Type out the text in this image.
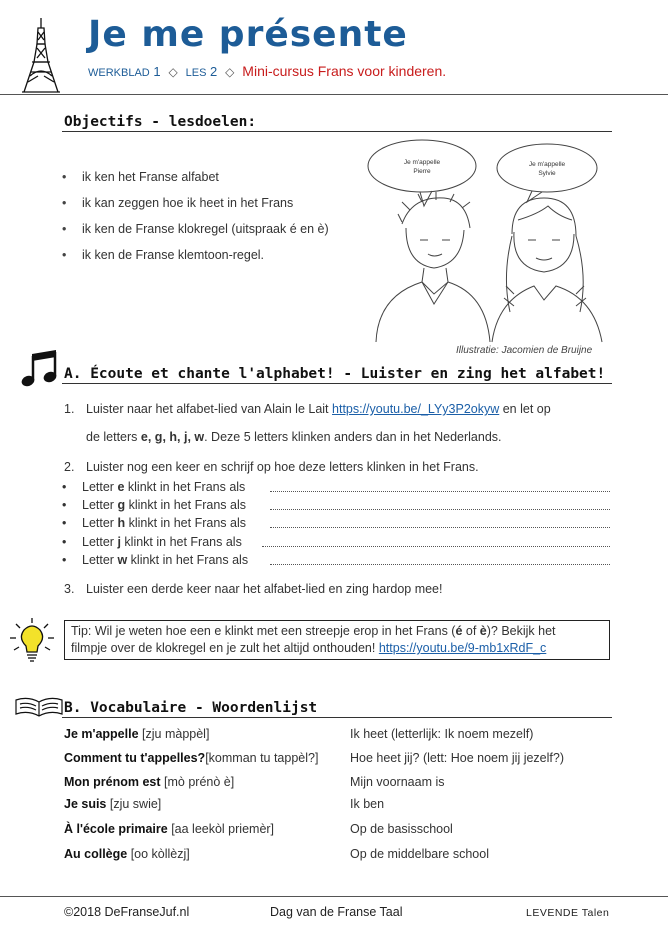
Je me présente
WERKBLAD 1 ◇ LES 2 ◇ Mini-cursus Frans voor kinderen.
Objectifs - lesdoelen:
• ik ken het Franse alfabet
• ik kan zeggen hoe ik heet in het Frans
• ik ken de Franse klokregel (uitspraak é en è)
• ik ken de Franse klemtoon-regel.
Je m'appelle
Pierre
Je m'appelle
Sylvie
Illustratie: Jacomien de Bruijne
A. Écoute et chante l'alphabet! - Luister en zing het alfabet!
1. Luister naar het alfabet-lied van Alain le Lait https://youtu.be/_LYy3P2okyw en let op
de letters e, g, h, j, w. Deze 5 letters klinken anders dan in het Nederlands.
2. Luister nog een keer en schrijf op hoe deze letters klinken in het Frans.
• Letter e klinkt in het Frans als
• Letter g klinkt in het Frans als
• Letter h klinkt in het Frans als
• Letter j klinkt in het Frans als
• Letter w klinkt in het Frans als
3. Luister een derde keer naar het alfabet-lied en zing hardop mee!
Tip: Wil je weten hoe een e klinkt met een streepje erop in het Frans (é of è)? Bekijk het
filmpje over de klokregel en je zult het altijd onthouden! https://youtu.be/9-mb1xRdF_c
B. Vocabulaire - Woordenlijst
Je m'appelle [zju màppèl]	Ik heet (letterlijk: Ik noem mezelf)
Comment tu t'appelles?[komman tu tappèl?]	Hoe heet jij? (lett: Hoe noem jij jezelf?)
Mon prénom est [mò prénò è]	Mijn voornaam is
Je suis [zju swie]	Ik ben
À l'école primaire [aa leekòl priemèr]	Op de basisschool
Au collège [oo kòllèzj]	Op de middelbare school
©2018 DeFranseJuf.nl	Dag van de Franse Taal	LEVENDE Talen
